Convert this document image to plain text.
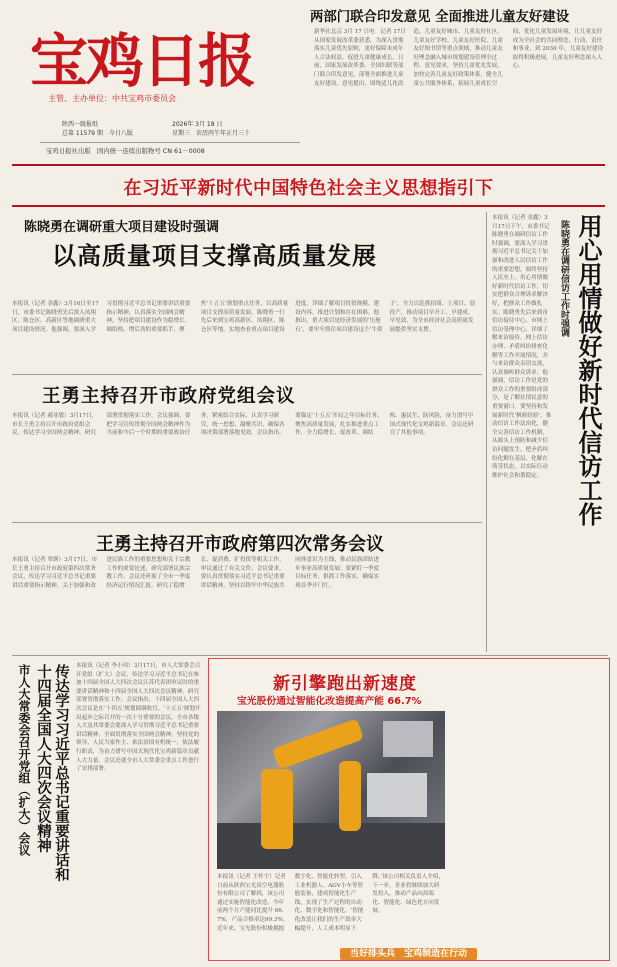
宝鸡日报
主管、主办单位：中共宝鸡市委员会
陕西一级报纸
总第 11579 期　今日八版
2026年 3月 18 日
星期三　农历丙午年正月三十
宝鸡日报社出版 国内统一连续出版物号 CN 61－0008
两部门联合印发意见 全面推进儿童友好建设
新华社北京 3月 17 日电　记者 17日从国家发展改革委获悉，为深入贯彻落实儿童优先原则，更好保障未成年人合法权益，促进儿童健康成长，日前，国家发展改革委、全国妇联等部门联合印发意见，部署全面推进儿童友好建设。意见提出，围绕适儿化改造、儿童友好城市、儿童友好社区、儿童友好学校、儿童友好医院、儿童友好图书馆等重点领域，推动儿童友好理念融入城市规划建设管理全过程。意见要求，坚持儿童优先发展，加快完善儿童友好政策体系，健全儿童公共服务体系，拓展儿童成长空间，优化儿童发展环境，让儿童友好成为全社会的共同理念、行动、责任和事业。到 2030 年，儿童友好建设取得积极进展，儿童友好理念深入人心。
在习近平新时代中国特色社会主义思想指引下
陈晓勇在调研重大项目建设时强调
以高质量项目支撑高质量发展
本报讯（记者 金鑫）3月16日至17日，市委书记陈晓勇先后深入凤翔区、陈仓区、高新区等地调研重大项目建设情况。他强调，要深入学习贯彻习近平总书记重要讲话重要指示精神，认真落实全国两会精神，坚持把项目建设作为稳增长、调结构、增后劲的重要抓手，聚焦‘十五五’规划重点任务，以高质量项目支撑高质量发展。陈晓勇一行先后来到宝鸡高新区、凤翔区、陈仓区等地，实地查看重点项目建设进度，详细了解项目投资规模、建设内容、推进计划和存在困难。他指出，重大项目是经济发展的‘压舱石’，要牢牢抓住项目建设这个‘牛鼻子’，全力以赴抓招商、上项目、促投产，推动项目早开工、早建成、早见效，为全市经济社会高质量发展提供坚实支撑。	用心用情做好新时代信访工作
陈晓勇在调研信访工作时强调
本报讯（记者 金鑫）3月17日下午，市委书记陈晓勇在调研信访工作时强调，要深入学习贯彻习近平总书记关于加强和改进人民信访工作的重要思想，始终坚持人民至上，用心用情做好新时代信访工作，切实把群众合理诉求解决好，把群众工作做扎实。陈晓勇先后来到市信访接待中心、市网上信访受理中心，详细了解来访接待、网上信访办理、矛盾纠纷排查化解等工作开展情况，并与来访群众亲切交流，认真倾听群众诉求。他强调，信访工作是党的群众工作的重要组成部分，是了解社情民意的重要窗口。要坚持和发展新时代‘枫桥经验’，推动信访工作法治化，健全完善信访工作机制，从源头上预防和减少信访问题发生，把矛盾纠纷化解在基层、化解在萌芽状态，以实际行动维护社会和谐稳定。
王勇主持召开市政府党组会议
本报讯（记者 郝亚敏）3月17日，市长王勇主持召开市政府党组会议，传达学习全国两会精神，研究部署贯彻落实工作。会议强调，要把学习宣传贯彻全国两会精神作为当前和今后一个时期的重要政治任务，紧密结合实际，认真学习研究，统一思想、凝聚共识，确保各项决策部署落地见效。会议指出，要锚定‘十五五’开局之年目标任务，聚焦高质量发展，扎实推进重点工作，全力稳增长、促改革、调结构、惠民生、防风险，奋力谱写中国式现代化宝鸡新篇章。会议还研究了其他事项。
王勇主持召开市政府第四次常务会议
本报讯（记者 翠瑛）3月17日，市长王勇主持召开市政府第四次常务会议，传达学习习近平总书记重要讲话重要指示精神，关于加强和改进民族工作的重要思想和关于宗教工作的重要论述，研究部署民族宗教工作。会议还听取了全市一季度经济运行情况汇报，研究了稳增长、促消费、扩投资等相关工作，审议通过了有关文件。会议要求，要认真贯彻落实习近平总书记重要讲话精神，坚持以铸牢中华民族共同体意识为主线，推动民族团结进步事业高质量发展；要紧盯一季度目标任务，狠抓工作落实，确保实现首季开门红。
市人大常委会召开党组（扩大）会议	传达学习习近平总书记重要讲话和十四届全国人大四次会议精神	本报讯（记者 李小玮）3月17日，市人大常委会召开党组（扩大）会议，传达学习习近平总书记在参加十四届全国人大四次会议江苏代表团审议时的重要讲话精神和十四届全国人大四次会议精神，研究部署贯彻落实工作。会议指出，十四届全国人大四次会议是在‘十四五’规划圆满收官、‘十五五’规划开局起步之际召开的一次十分重要的会议。全市各级人大及其常委会要深入学习贯彻习近平总书记重要讲话精神，全面贯彻落实全国两会精神，坚持党的领导、人民当家作主、依法治国有机统一，依法履行职责，为奋力谱写中国式现代化宝鸡新篇章贡献人大力量。会议还就全市人大常委会重点工作进行了安排部署。
新引擎跑出新速度
宝光股份通过智能化改造提高产能 66.7%
本报讯（记者 王怀宇）记者日前从陕西宝光真空电器股份有限公司了解到，该公司通过实施智能化改造，今年前两个月产能同比提升 66.7%，产品合格率达99.3%。近年来，宝光股份积极拥抱数字化、智能化转型，引入工业机器人、AGV小车等智能装备，建成智能化生产线，实现了生产过程的自动化、数字化和智能化。‘智能化改造让我们的生产效率大幅提升，人工成本明显下降。’该公司相关负责人介绍，下一步，企业将继续加大研发投入，推动产品向高端化、智能化、绿色化方向发展。
当好排头兵　宝鸡制造在行动
